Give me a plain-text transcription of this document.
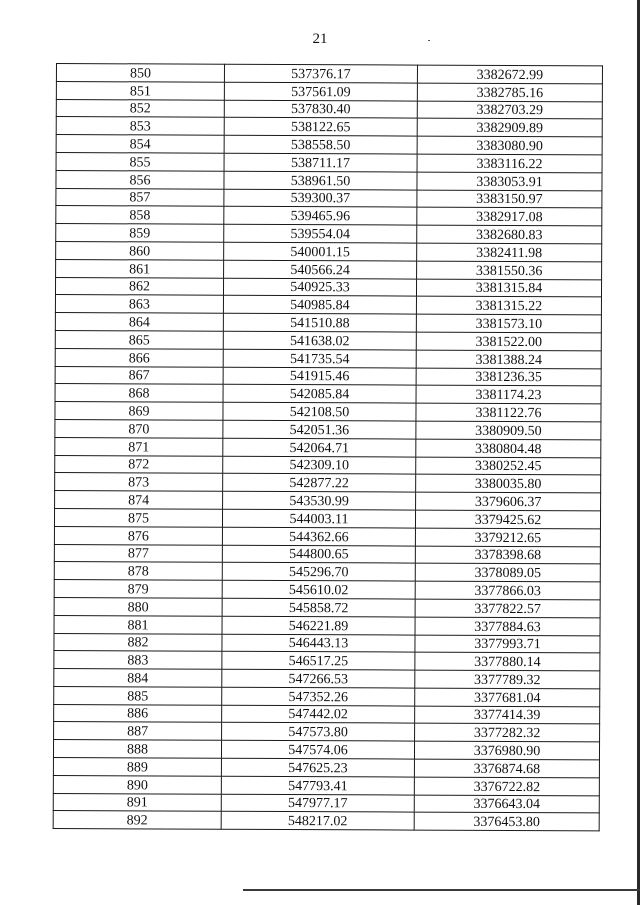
21
850	537376.17	3382672.99
851	537561.09	3382785.16
852	537830.40	3382703.29
853	538122.65	3382909.89
854	538558.50	3383080.90
855	538711.17	3383116.22
856	538961.50	3383053.91
857	539300.37	3383150.97
858	539465.96	3382917.08
859	539554.04	3382680.83
860	540001.15	3382411.98
861	540566.24	3381550.36
862	540925.33	3381315.84
863	540985.84	3381315.22
864	541510.88	3381573.10
865	541638.02	3381522.00
866	541735.54	3381388.24
867	541915.46	3381236.35
868	542085.84	3381174.23
869	542108.50	3381122.76
870	542051.36	3380909.50
871	542064.71	3380804.48
872	542309.10	3380252.45
873	542877.22	3380035.80
874	543530.99	3379606.37
875	544003.11	3379425.62
876	544362.66	3379212.65
877	544800.65	3378398.68
878	545296.70	3378089.05
879	545610.02	3377866.03
880	545858.72	3377822.57
881	546221.89	3377884.63
882	546443.13	3377993.71
883	546517.25	3377880.14
884	547266.53	3377789.32
885	547352.26	3377681.04
886	547442.02	3377414.39
887	547573.80	3377282.32
888	547574.06	3376980.90
889	547625.23	3376874.68
890	547793.41	3376722.82
891	547977.17	3376643.04
892	548217.02	3376453.80
